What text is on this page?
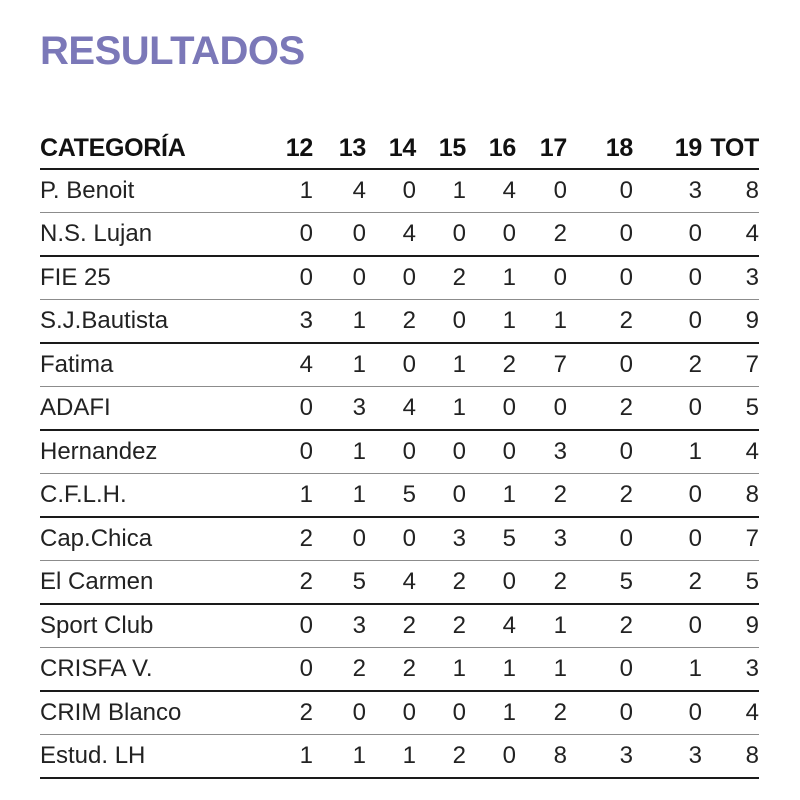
RESULTADOS
CATEGORÍA	12	13	14	15	16	17	18	19	TOT
P. Benoit	1	4	0	1	4	0	0	3	8
N.S. Lujan	0	0	4	0	0	2	0	0	4
FIE 25	0	0	0	2	1	0	0	0	3
S.J.Bautista	3	1	2	0	1	1	2	0	9
Fatima	4	1	0	1	2	7	0	2	7
ADAFI	0	3	4	1	0	0	2	0	5
Hernandez	0	1	0	0	0	3	0	1	4
C.F.L.H.	1	1	5	0	1	2	2	0	8
Cap.Chica	2	0	0	3	5	3	0	0	7
El Carmen	2	5	4	2	0	2	5	2	5
Sport Club	0	3	2	2	4	1	2	0	9
CRISFA V.	0	2	2	1	1	1	0	1	3
CRIM Blanco	2	0	0	0	1	2	0	0	4
Estud. LH	1	1	1	2	0	8	3	3	8
